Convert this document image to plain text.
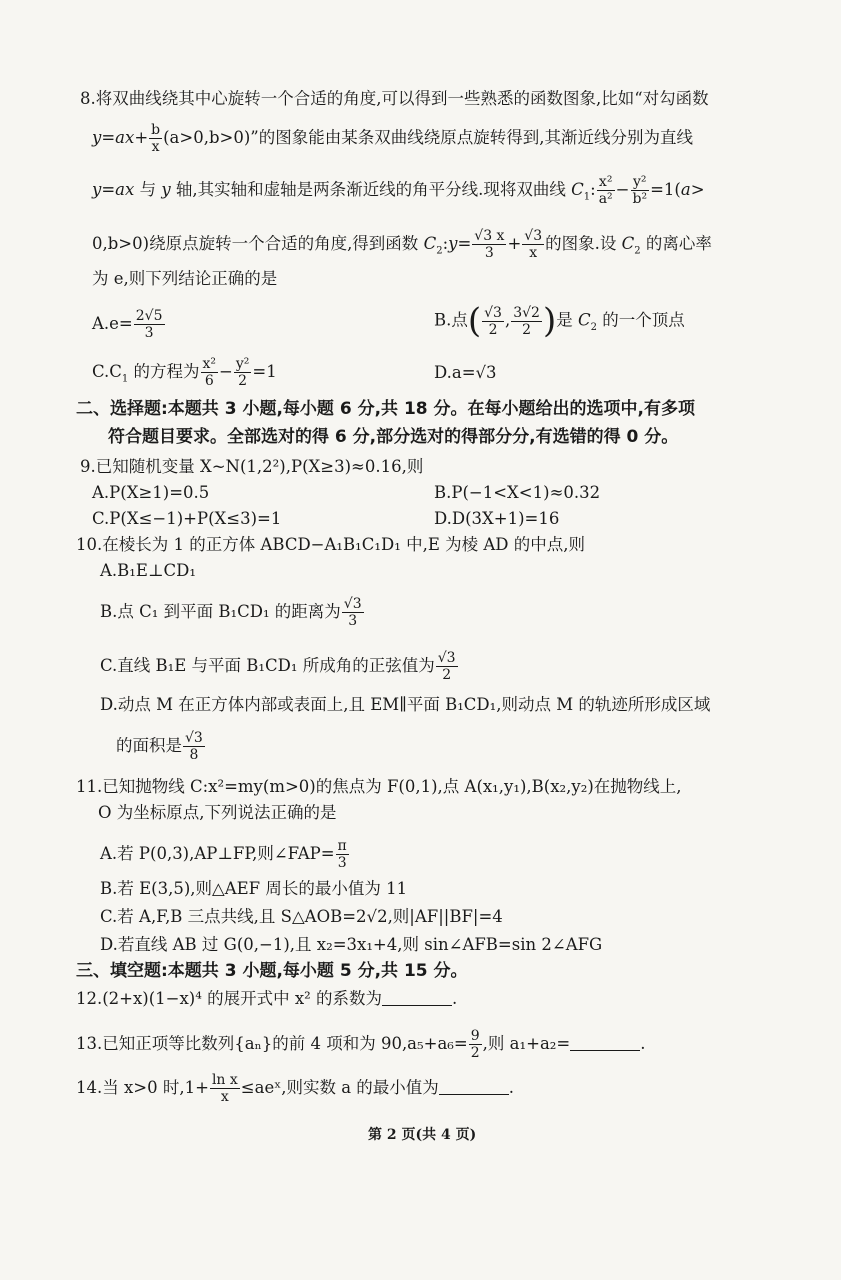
8.将双曲线绕其中心旋转一个合适的角度,可以得到一些熟悉的函数图象,比如“对勾函数
$y=ax+ \frac{b}{x} (a>0,b>0)$”的图象能由某条双曲线绕原点旋转得到,其渐近线分别为直线
y=ax 与 y 轴,其实轴和虚轴是两条渐近线的角平分线.现将双曲线 $C_1$: $\frac{\text{x²}}{\text{a²}} - \frac{\text{y²}}{\text{b²}} =1(a>$
0,b>0)绕原点旋转一个合适的角度,得到函数 $C_2:y= \frac{√3 x}{3} + \frac{√3}{x}$ 的图象.设 $C_2$ 的离心率
为 e,则下列结论正确的是
$A.e= \frac{2√5}{3}$	B.点( $\frac{√3}{2}$ , $\frac{3√2}{2}$ )是 $C_2$ 的一个顶点
$C.C_1$ 的方程为 $\frac{\text{x²}}{6} - \frac{\text{y²}}{2} =1$	D.a=√3
二、选择题:本题共 3 小题,每小题 6 分,共 18 分。在每小题给出的选项中,有多项
符合题目要求。全部选对的得 6 分,部分选对的得部分分,有选错的得 0 分。
9.已知随机变量 X~N(1,2²),P(X≥3)≈0.16,则
A.P(X≥1)=0.5	B.P(−1<X<1)≈0.32
C.P(X≤−1)+P(X≤3)=1	D.D(3X+1)=16
10.在棱长为 1 的正方体 ABCD−A₁B₁C₁D₁ 中,E 为棱 AD 的中点,则
A.B₁E⊥CD₁
B.点 C₁ 到平面 B₁CD₁ 的距离为 $\frac{√3}{3}$
C.直线 B₁E 与平面 B₁CD₁ 所成角的正弦值为 $\frac{√3}{2}$
D.动点 M 在正方体内部或表面上,且 EM∥平面 B₁CD₁,则动点 M 的轨迹所形成区域
的面积是 $\frac{√3}{8}$
11.已知抛物线 C:x²=my(m>0)的焦点为 F(0,1),点 A(x₁,y₁),B(x₂,y₂)在抛物线上,
O 为坐标原点,下列说法正确的是
A.若 P(0,3),AP⊥FP,则∠FAP= $\frac{\pi}{3}$
B.若 E(3,5),则△AEF 周长的最小值为 11
C.若 A,F,B 三点共线,且 S△AOB=2√2,则|AF||BF|=4
D.若直线 AB 过 G(0,−1),且 x₂=3x₁+4,则 sin∠AFB=sin 2∠AFG
三、填空题:本题共 3 小题,每小题 5 分,共 15 分。
12.(2+x)(1−x)⁴ 的展开式中 x² 的系数为	.
13.已知正项等比数列{aₙ}的前 4 项和为 $90,a_5+a_6= \frac{9}{2}$ ,则 a₁+a₂=	.
14.当 x>0 时$,1+ \frac{\text{ln x}}{x}$ ≤aeˣ,则实数 a 的最小值为	.
第 2 页(共 4 页)
